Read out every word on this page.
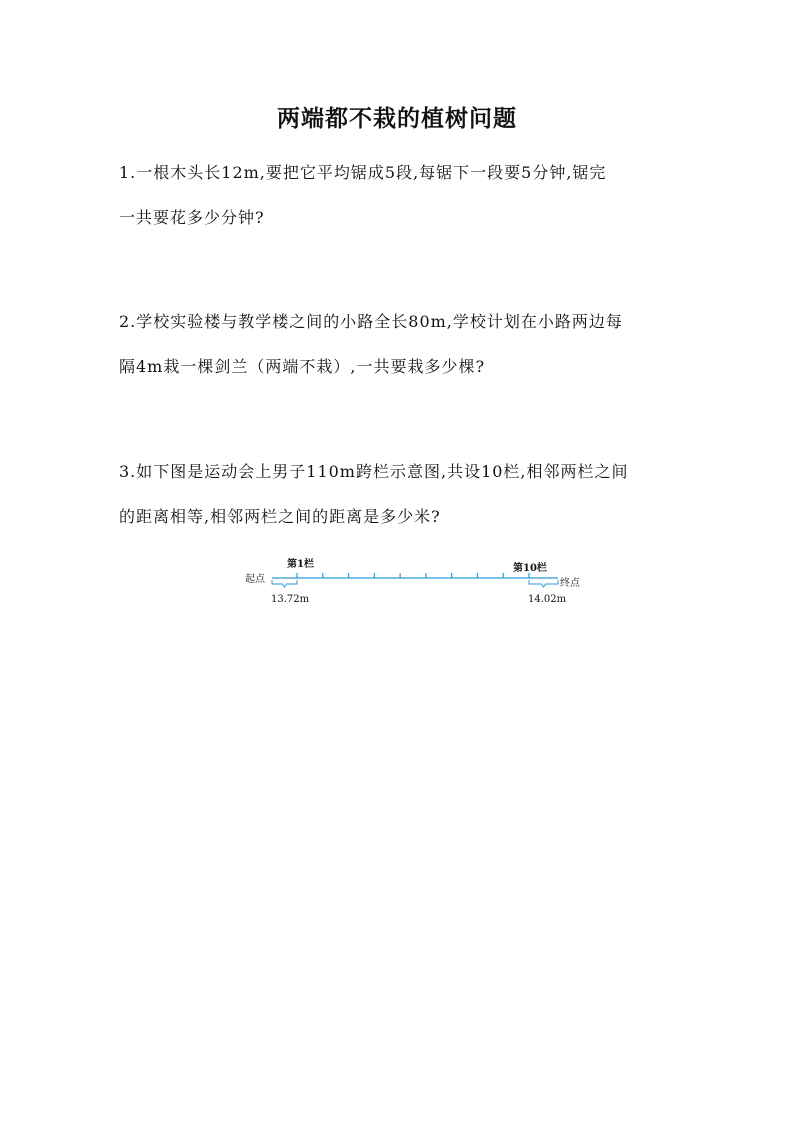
两端都不栽的植树问题
1.一根木头长12m,要把它平均锯成5段,每锯下一段要5分钟,锯完
一共要花多少分钟?
2.学校实验楼与教学楼之间的小路全长80m,学校计划在小路两边每
隔4m栽一棵剑兰（两端不栽）,一共要栽多少棵?
3.如下图是运动会上男子110m跨栏示意图,共设10栏,相邻两栏之间
的距离相等,相邻两栏之间的距离是多少米?
起点	终点
第1栏	第10栏
13.72m	14.02m
